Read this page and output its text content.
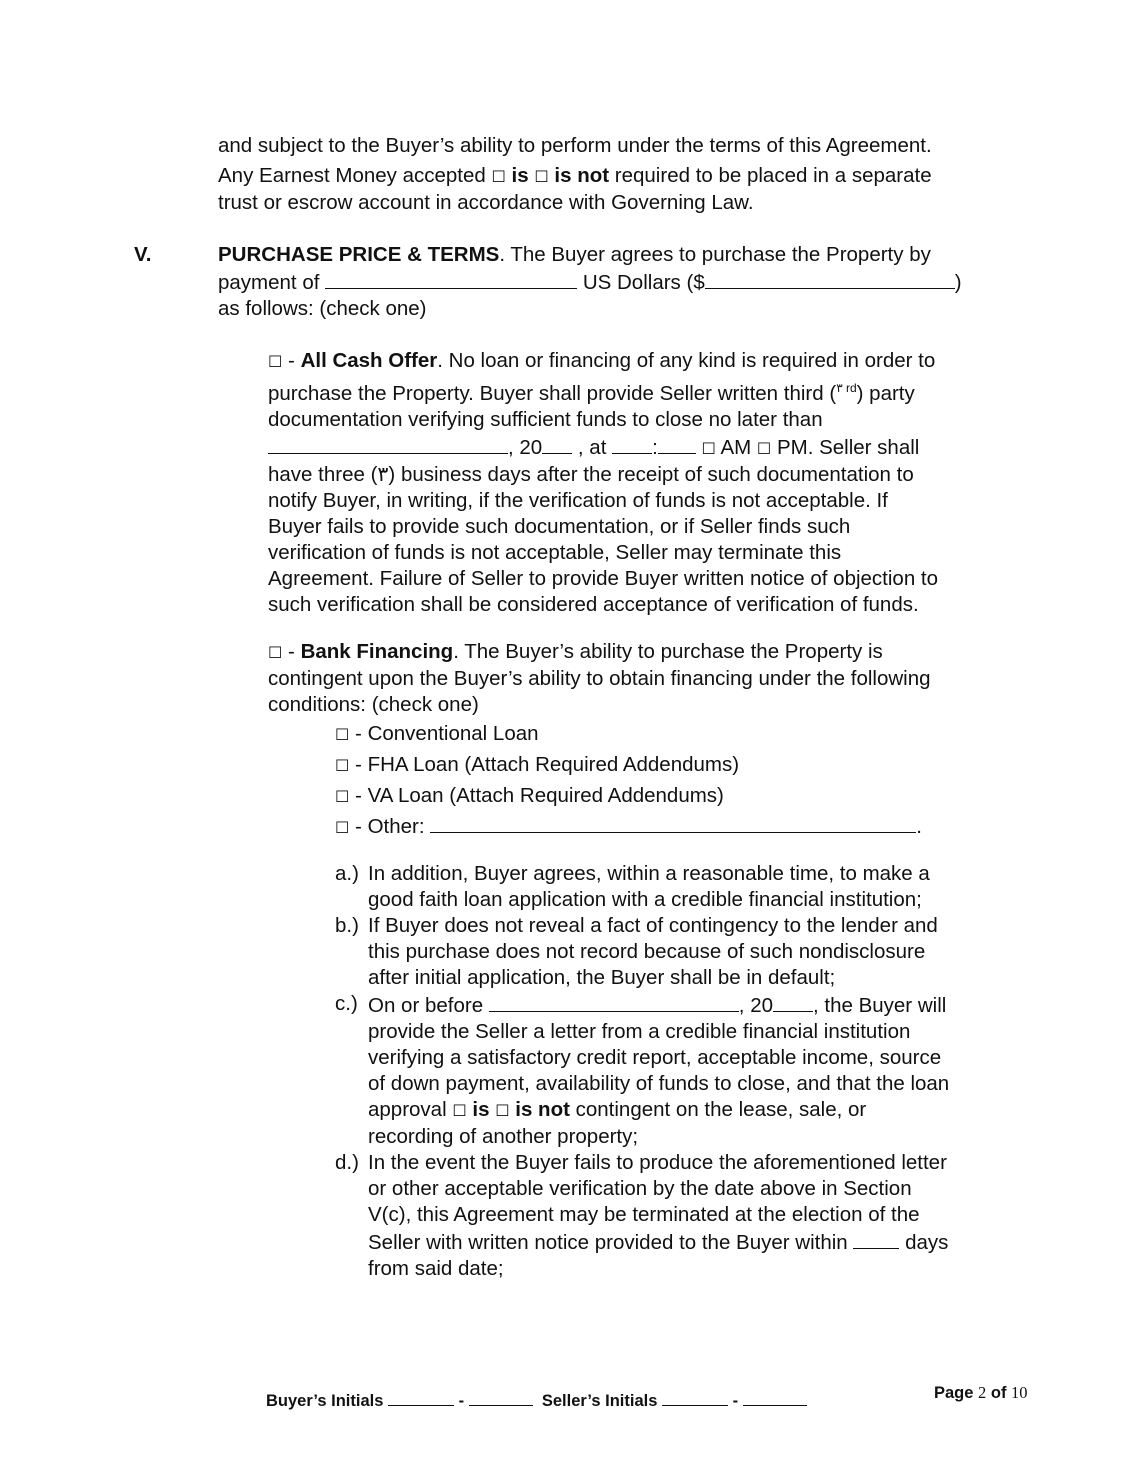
and subject to the Buyer’s ability to perform under the terms of this Agreement.

Any Earnest Money accepted ☐ is ☐ is not required to be placed in a separate

trust or escrow account in accordance with Governing Law.

V.	PURCHASE PRICE & TERMS. The Buyer agrees to purchase the Property by

payment of	US Dollars ($	)

as follows: (check one)

☐ - All Cash Offer. No loan or financing of any kind is required in order to

purchase the Property. Buyer shall provide Seller written third ($^{٣ rd}$) party

documentation verifying sufficient funds to close no later than

, 20 , at :	☐ AM ☐ PM. Seller shall

have three (٣) business days after the receipt of such documentation to

notify Buyer, in writing, if the verification of funds is not acceptable. If

Buyer fails to provide such documentation, or if Seller finds such

verification of funds is not acceptable, Seller may terminate this

Agreement. Failure of Seller to provide Buyer written notice of objection to

such verification shall be considered acceptance of verification of funds.

☐ - Bank Financing. The Buyer’s ability to purchase the Property is

contingent upon the Buyer’s ability to obtain financing under the following

conditions: (check one)

☐ - Conventional Loan

☐ - FHA Loan (Attach Required Addendums)

☐ - VA Loan (Attach Required Addendums)

☐ - Other:	.

a.) In addition, Buyer agrees, within a reasonable time, to make a

good faith loan application with a credible financial institution;

b.) If Buyer does not reveal a fact of contingency to the lender and

this purchase does not record because of such nondisclosure

after initial application, the Buyer shall be in default;

c.) On or before	, 20 , the Buyer will

provide the Seller a letter from a credible financial institution

verifying a satisfactory credit report, acceptable income, source

of down payment, availability of funds to close, and that the loan

approval ☐ is ☐ is not contingent on the lease, sale, or

recording of another property;

d.) In the event the Buyer fails to produce the aforementioned letter

or other acceptable verification by the date above in Section

V(c), this Agreement may be terminated at the election of the

Seller with written notice provided to the Buyer within	days

from said date;

Buyer’s Initials	-	Seller’s Initials	-	Page 2 of 10
